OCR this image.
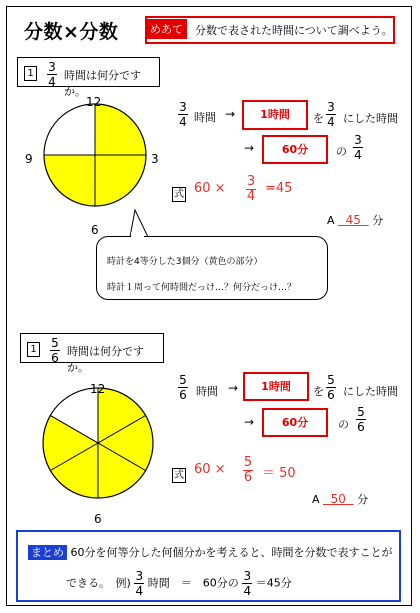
分数×分数	めあて	分数で表された時間について調べよう。
$1 \frac{3}{4}$ 時間は何分ですか。
12
3
6
9
$\frac{3}{4}$ 時間 →	1時間	を $\frac{3}{4}$ にした時間
→	60分	の $\frac{3}{4}$
式 $60 \times \frac{3}{4} =45$
A 45 分
時計を4等分した3個分（黄色の部分）
時計１周って何時間だっけ…？何分だっけ…？
$1 \frac{5}{6}$ 時間は何分ですか。
12
6
$\frac{5}{6}$ 時間 →	1時間	を $\frac{5}{6}$ にした時間
→	60分	の $\frac{5}{6}$
式 $60 \times \frac{5}{6} = 50$
A 50 分
まとめ 60分を何等分した何個分かを考えると、時間を分数で表すことが
できる。　例) $\frac{3}{4}$ 時間　＝　60分の $\frac{3}{4} =45$分
